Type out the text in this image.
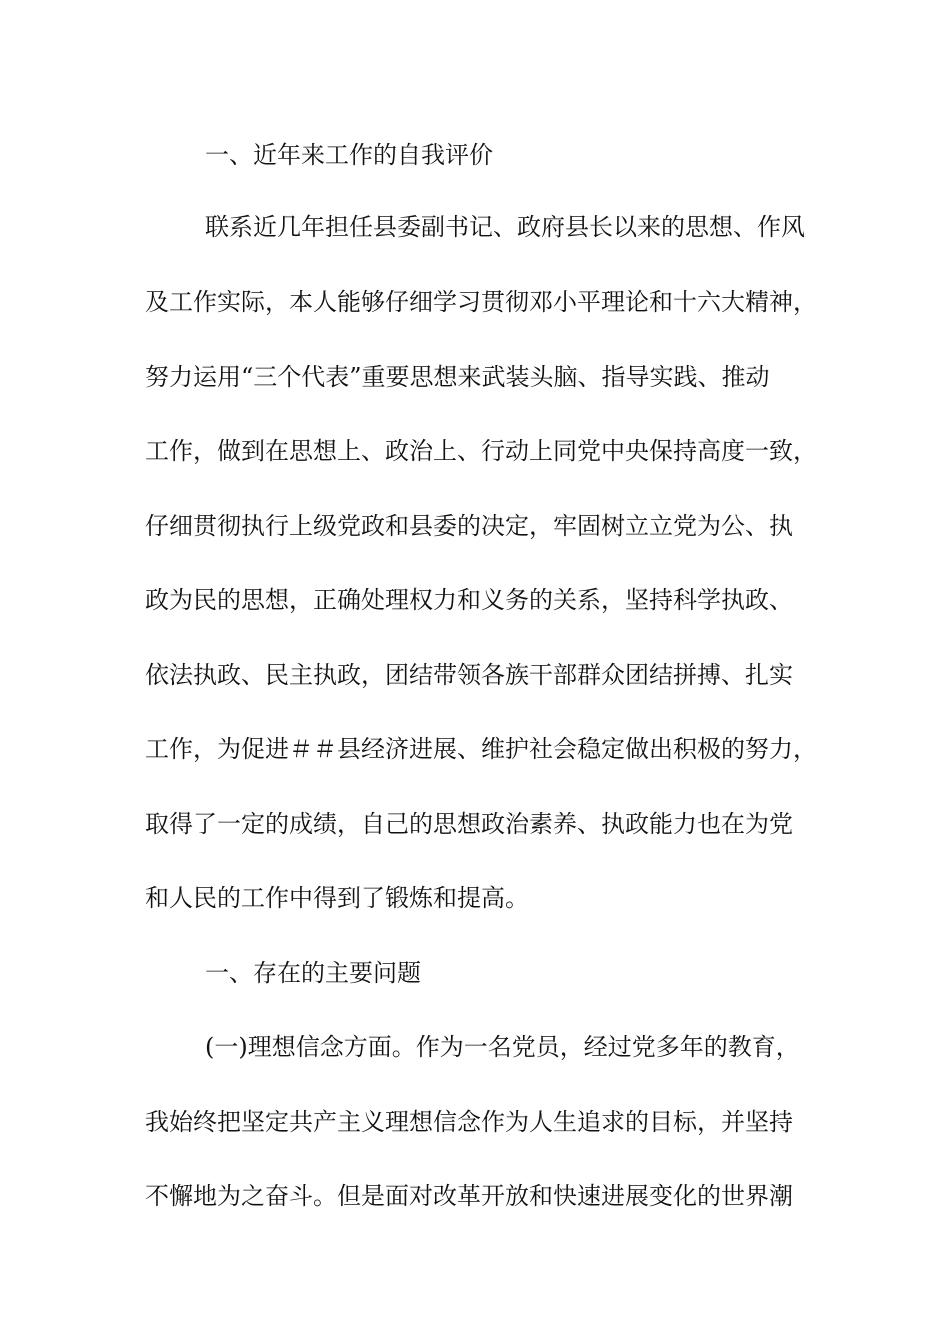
一、近年来工作的自我评价

联系近几年担任县委副书记、政府县长以来的思想、作风

及工作实际，本人能够仔细学习贯彻邓小平理论和十六大精神，

努力运用“三个代表”重要思想来武装头脑、指导实践、推动

工作，做到在思想上、政治上、行动上同党中央保持高度一致，

仔细贯彻执行上级党政和县委的决定，牢固树立立党为公、执

政为民的思想，正确处理权力和义务的关系，坚持科学执政、

依法执政、民主执政，团结带领各族干部群众团结拼搏、扎实

工作，为促进＃＃县经济进展、维护社会稳定做出积极的努力，

取得了一定的成绩，自己的思想政治素养、执政能力也在为党

和人民的工作中得到了锻炼和提高。

一、存在的主要问题

(一)理想信念方面。作为一名党员，经过党多年的教育，

我始终把坚定共产主义理想信念作为人生追求的目标，并坚持

不懈地为之奋斗。但是面对改革开放和快速进展变化的世界潮
